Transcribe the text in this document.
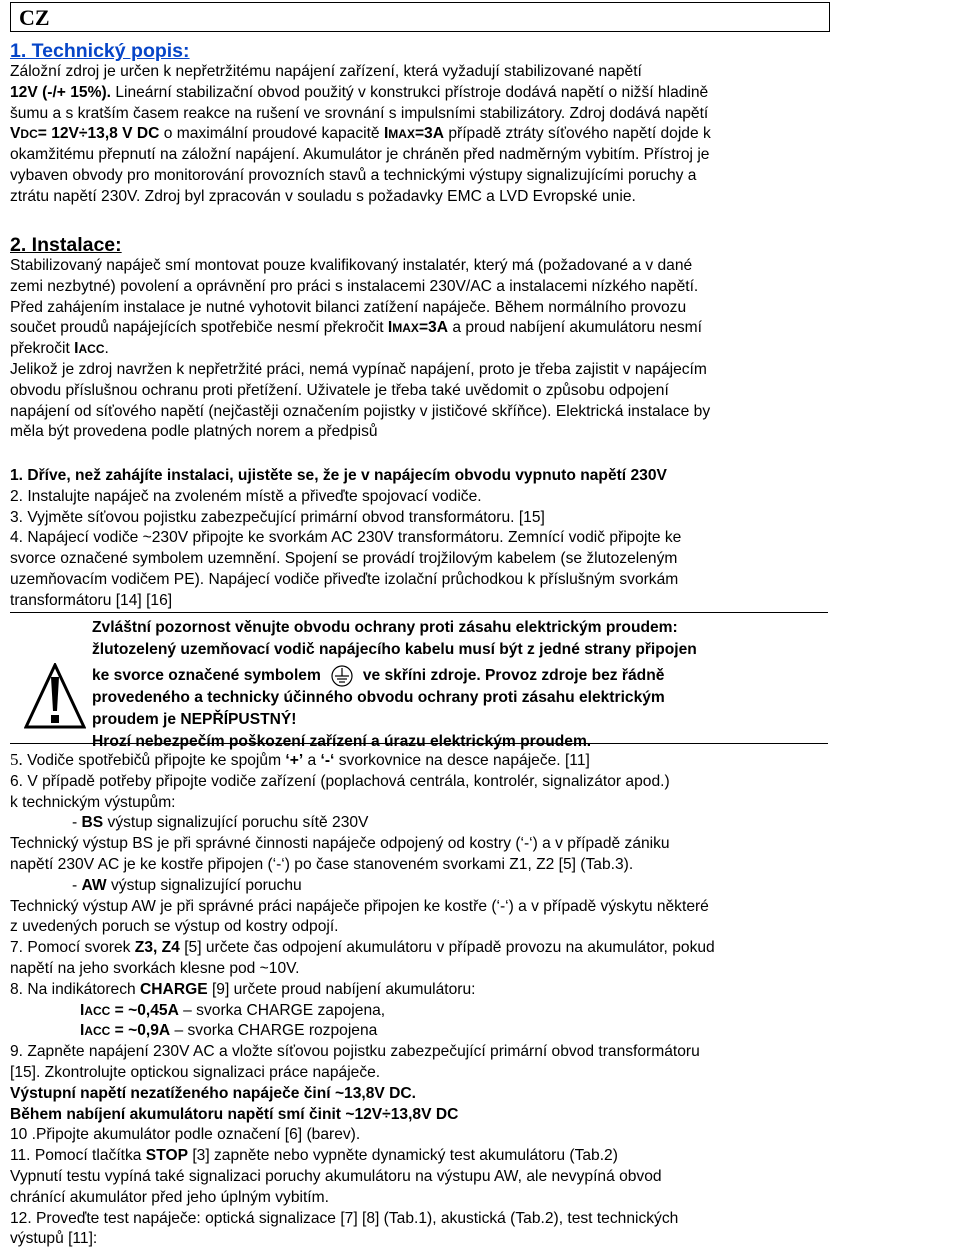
CZ
1. Technický popis:

Záložní zdroj je určen k nepřetržitému napájení zařízení, která vyžadují stabilizované napětí

12V (-/+ 15%). Lineární stabilizační obvod použitý v konstrukci přístroje dodává napětí o nižší hladině

šumu a s kratším časem reakce na rušení ve srovnání s impulsními stabilizátory. Zdroj dodává napětí

VDC= 12V÷13,8 V DC o maximální proudové kapacitě IMAX=3A případě ztráty síťového napětí dojde k

okamžitému přepnutí na záložní napájení. Akumulátor je chráněn před nadměrným vybitím. Přístroj je

vybaven obvody pro monitorování provozních stavů a technickými výstupy signalizujícími poruchy a

ztrátu napětí 230V. Zdroj byl zpracován v souladu s požadavky EMC a LVD Evropské unie.

2. Instalace:

Stabilizovaný napáječ smí montovat pouze kvalifikovaný instalatér, který má (požadované a v dané

zemi nezbytné) povolení a oprávnění pro práci s instalacemi 230V/AC a instalacemi nízkého napětí.

Před zahájením instalace je nutné vyhotovit bilanci zatížení napáječe. Během normálního provozu

součet proudů napájejících spotřebiče nesmí překročit IMAX=3A a proud nabíjení akumulátoru nesmí

překročit IACC.

Jelikož je zdroj navržen k nepřetržité práci, nemá vypínač napájení, proto je třeba zajistit v napájecím

obvodu příslušnou ochranu proti přetížení. Uživatele je třeba také uvědomit o způsobu odpojení

napájení od síťového napětí (nejčastěji označením pojistky v jističové skříňce). Elektrická instalace by

měla být provedena podle platných norem a předpisů

1. Dříve, než zahájíte instalaci, ujistěte se, že je v napájecím obvodu vypnuto napětí 230V

2. Instalujte napáječ na zvoleném místě a přiveďte spojovací vodiče.

3. Vyjměte síťovou pojistku zabezpečující primární obvod transformátoru. [15]

4. Napájecí vodiče ~230V připojte ke svorkám AC 230V transformátoru. Zemnící vodič připojte ke

svorce označené symbolem uzemnění. Spojení se provádí trojžilovým kabelem (se žlutozeleným

uzemňovacím vodičem PE). Napájecí vodiče přiveďte izolační průchodkou k příslušným svorkám

transformátoru [14] [16]

Zvláštní pozornost věnujte obvodu ochrany proti zásahu elektrickým proudem:
žlutozelený uzemňovací vodič napájecího kabelu musí být z jedné strany připojen
ke svorce označené symbolem	ve skříni zdroje. Provoz zdroje bez řádně
provedeného a technicky účinného obvodu ochrany proti zásahu elektrickým
proudem je NEPŘÍPUSTNÝ!
Hrozí nebezpečím poškození zařízení a úrazu elektrickým proudem.

5. Vodiče spotřebičů připojte ke spojům ‘+’ a ‘-‘ svorkovnice na desce napáječe. [11]

6. V případě potřeby připojte vodiče zařízení (poplachová centrála, kontrolér, signalizátor apod.)

k technickým výstupům:

- BS výstup signalizující poruchu sítě 230V

Technický výstup BS je při správné činnosti napáječe odpojený od kostry (‘-‘) a v případě zániku

napětí 230V AC je ke kostře připojen (‘-‘) po čase stanoveném svorkami Z1, Z2 [5] (Tab.3).

- AW výstup signalizující poruchu

Technický výstup AW je při správné práci napáječe připojen ke kostře (‘-‘) a v případě výskytu některé

z uvedených poruch se výstup od kostry odpojí.

7. Pomocí svorek Z3, Z4 [5] určete čas odpojení akumulátoru v případě provozu na akumulátor, pokud

napětí na jeho svorkách klesne pod ~10V.

8. Na indikátorech CHARGE [9] určete proud nabíjení akumulátoru:

IACC = ~0,45A – svorka CHARGE zapojena,

IACC = ~0,9A – svorka CHARGE rozpojena

9. Zapněte napájení 230V AC a vložte síťovou pojistku zabezpečující primární obvod transformátoru

[15]. Zkontrolujte optickou signalizaci práce napáječe.

Výstupní napětí nezatíženého napáječe činí ~13,8V DC.

Během nabíjení akumulátoru napětí smí činit ~12V÷13,8V DC

10 .Připojte akumulátor podle označení [6] (barev).

11. Pomocí tlačítka STOP [3] zapněte nebo vypněte dynamický test akumulátoru (Tab.2)

Vypnutí testu vypíná také signalizaci poruchy akumulátoru na výstupu AW, ale nevypíná obvod

chránící akumulátor před jeho úplným vybitím.

12. Proveďte test napáječe: optická signalizace [7] [8] (Tab.1), akustická (Tab.2), test technických

výstupů [11]:
